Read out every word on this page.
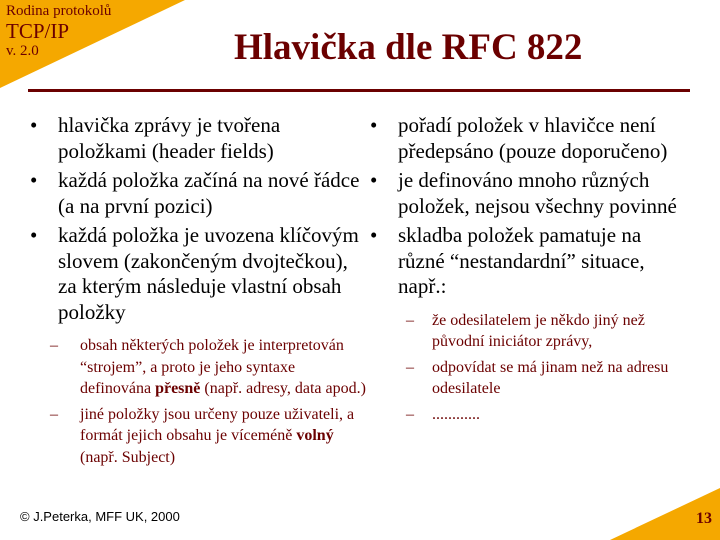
Rodina protokolů
TCP/IP
v. 2.0	Hlavička dle RFC 822
• hlavička zprávy je tvořena položkami (header fields)
• každá položka začíná na nové řádce (a na první pozici)
• každá položka je uvozena klíčovým slovem (zakončeným dvojtečkou), za kterým následuje vlastní obsah položky
– obsah některých položek je interpretován “strojem”, a proto je jeho syntaxe definována přesně (např. adresy, data apod.)
– jiné položky jsou určeny pouze uživateli, a formát jejich obsahu je víceméně volný (např. Subject)
• pořadí položek v hlavičce není předepsáno (pouze doporučeno)
• je definováno mnoho různých položek, nejsou všechny povinné
• skladba položek pamatuje na různé “nestandardní” situace, např.:
– že odesilatelem je někdo jiný než původní iniciátor zprávy,
– odpovídat se má jinam než na adresu odesilatele
– ............
© J.Peterka, MFF UK, 2000	13
